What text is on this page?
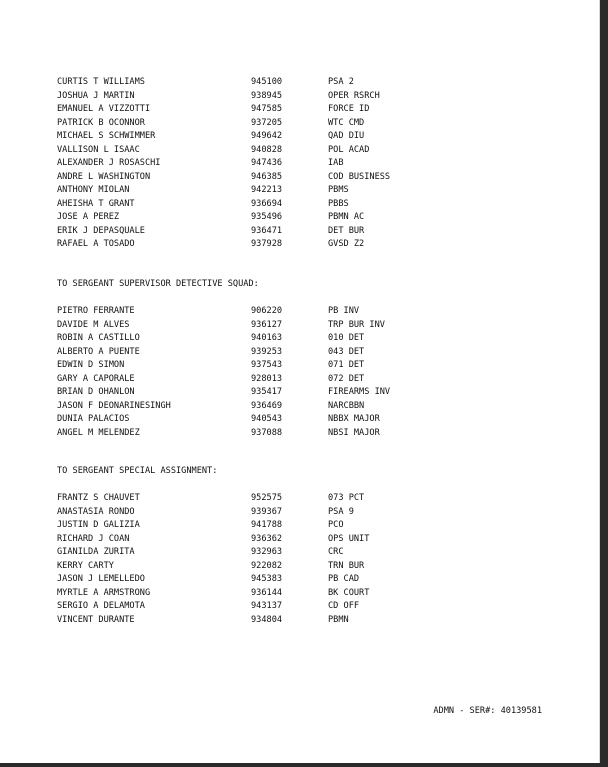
CURTIS T WILLIAMS	945100	PSA 2
JOSHUA J MARTIN	938945	OPER RSRCH
EMANUEL A VIZZOTTI	947585	FORCE ID
PATRICK B OCONNOR	937205	WTC CMD
MICHAEL S SCHWIMMER	949642	QAD DIU
VALLISON L ISAAC	940828	POL ACAD
ALEXANDER J ROSASCHI	947436	IAB
ANDRE L WASHINGTON	946385	COD BUSINESS
ANTHONY MIOLAN	942213	PBMS
AHEISHA T GRANT	936694	PBBS
JOSE A PEREZ	935496	PBMN AC
ERIK J DEPASQUALE	936471	DET BUR
RAFAEL A TOSADO	937928	GVSD Z2
TO SERGEANT SUPERVISOR DETECTIVE SQUAD:
PIETRO FERRANTE	906220	PB INV
DAVIDE M ALVES	936127	TRP BUR INV
ROBIN A CASTILLO	940163	010 DET
ALBERTO A PUENTE	939253	043 DET
EDWIN D SIMON	937543	071 DET
GARY A CAPORALE	928013	072 DET
BRIAN D OHANLON	935417	FIREARMS INV
JASON F DEONARINESINGH	936469	NARCBBN
DUNIA PALACIOS	940543	NBBX MAJOR
ANGEL M MELENDEZ	937088	NBSI MAJOR
TO SERGEANT SPECIAL ASSIGNMENT:
FRANTZ S CHAUVET	952575	073 PCT
ANASTASIA RONDO	939367	PSA 9
JUSTIN D GALIZIA	941788	PCO
RICHARD J COAN	936362	OPS UNIT
GIANILDA ZURITA	932963	CRC
KERRY CARTY	922082	TRN BUR
JASON J LEMELLEDO	945383	PB CAD
MYRTLE A ARMSTRONG	936144	BK COURT
SERGIO A DELAMOTA	943137	CD OFF
VINCENT DURANTE	934804	PBMN
ADMN - SER#: 40139581
